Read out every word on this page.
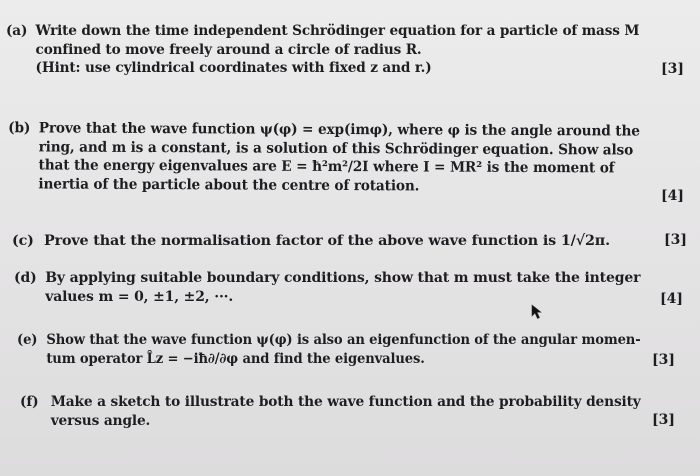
(a) Write down the time independent Schrödinger equation for a particle of mass M
confined to move freely around a circle of radius R.
(Hint: use cylindrical coordinates with fixed z and r.)	[3]
(b) Prove that the wave function ψ(φ) = exp(imφ), where φ is the angle around the
ring, and m is a constant, is a solution of this Schrödinger equation. Show also
that the energy eigenvalues are E = ħ²m²/2I where I = MR² is the moment of
inertia of the particle about the centre of rotation.
[4]
(c) Prove that the normalisation factor of the above wave function is 1/√2π.	[3]
(d) By applying suitable boundary conditions, show that m must take the integer
values m = 0, ±1, ±2, ···.	[4]
(e) Show that the wave function ψ(φ) is also an eigenfunction of the angular momen-
tum operator L̂z = −iħ∂/∂φ and find the eigenvalues.	[3]
(f) Make a sketch to illustrate both the wave function and the probability density
versus angle.	[3]
